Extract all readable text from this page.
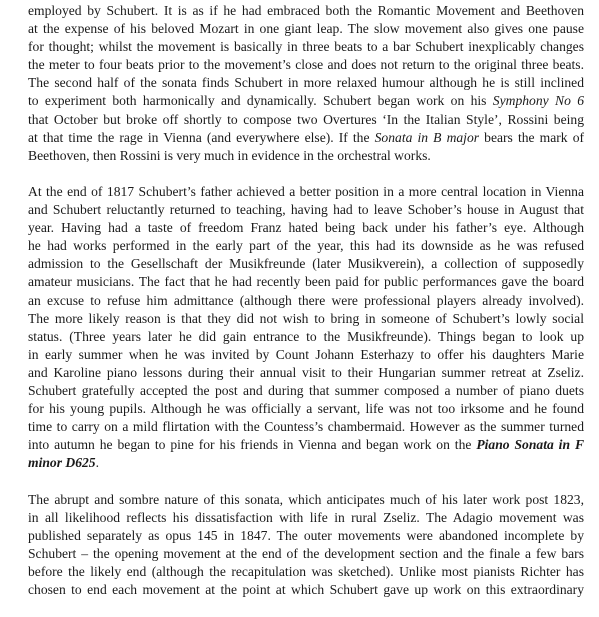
employed by Schubert. It is as if he had embraced both the Romantic Movement and Beethoven
at the expense of his beloved Mozart in one giant leap. The slow movement also gives one pause
for thought; whilst the movement is basically in three beats to a bar Schubert inexplicably changes
the meter to four beats prior to the movement’s close and does not return to the original three beats.
The second half of the sonata finds Schubert in more relaxed humour although he is still inclined
to experiment both harmonically and dynamically. Schubert began work on his Symphony No 6
that October but broke off shortly to compose two Overtures ‘In the Italian Style’, Rossini being
at that time the rage in Vienna (and everywhere else). If the Sonata in B major bears the mark of
Beethoven, then Rossini is very much in evidence in the orchestral works.
At the end of 1817 Schubert’s father achieved a better position in a more central location in Vienna
and Schubert reluctantly returned to teaching, having had to leave Schober’s house in August that
year. Having had a taste of freedom Franz hated being back under his father’s eye. Although
he had works performed in the early part of the year, this had its downside as he was refused
admission to the Gesellschaft der Musikfreunde (later Musikverein), a collection of supposedly
amateur musicians. The fact that he had recently been paid for public performances gave the board
an excuse to refuse him admittance (although there were professional players already involved).
The more likely reason is that they did not wish to bring in someone of Schubert’s lowly social
status. (Three years later he did gain entrance to the Musikfreunde). Things began to look up
in early summer when he was invited by Count Johann Esterhazy to offer his daughters Marie
and Karoline piano lessons during their annual visit to their Hungarian summer retreat at Zseliz.
Schubert gratefully accepted the post and during that summer composed a number of piano duets
for his young pupils. Although he was officially a servant, life was not too irksome and he found
time to carry on a mild flirtation with the Countess’s chambermaid. However as the summer turned
into autumn he began to pine for his friends in Vienna and began work on the Piano Sonata in F
minor D625.
The abrupt and sombre nature of this sonata, which anticipates much of his later work post 1823,
in all likelihood reflects his dissatisfaction with life in rural Zseliz. The Adagio movement was
published separately as opus 145 in 1847. The outer movements were abandoned incomplete by
Schubert – the opening movement at the end of the development section and the finale a few bars
before the likely end (although the recapitulation was sketched). Unlike most pianists Richter has
chosen to end each movement at the point at which Schubert gave up work on this extraordinary
